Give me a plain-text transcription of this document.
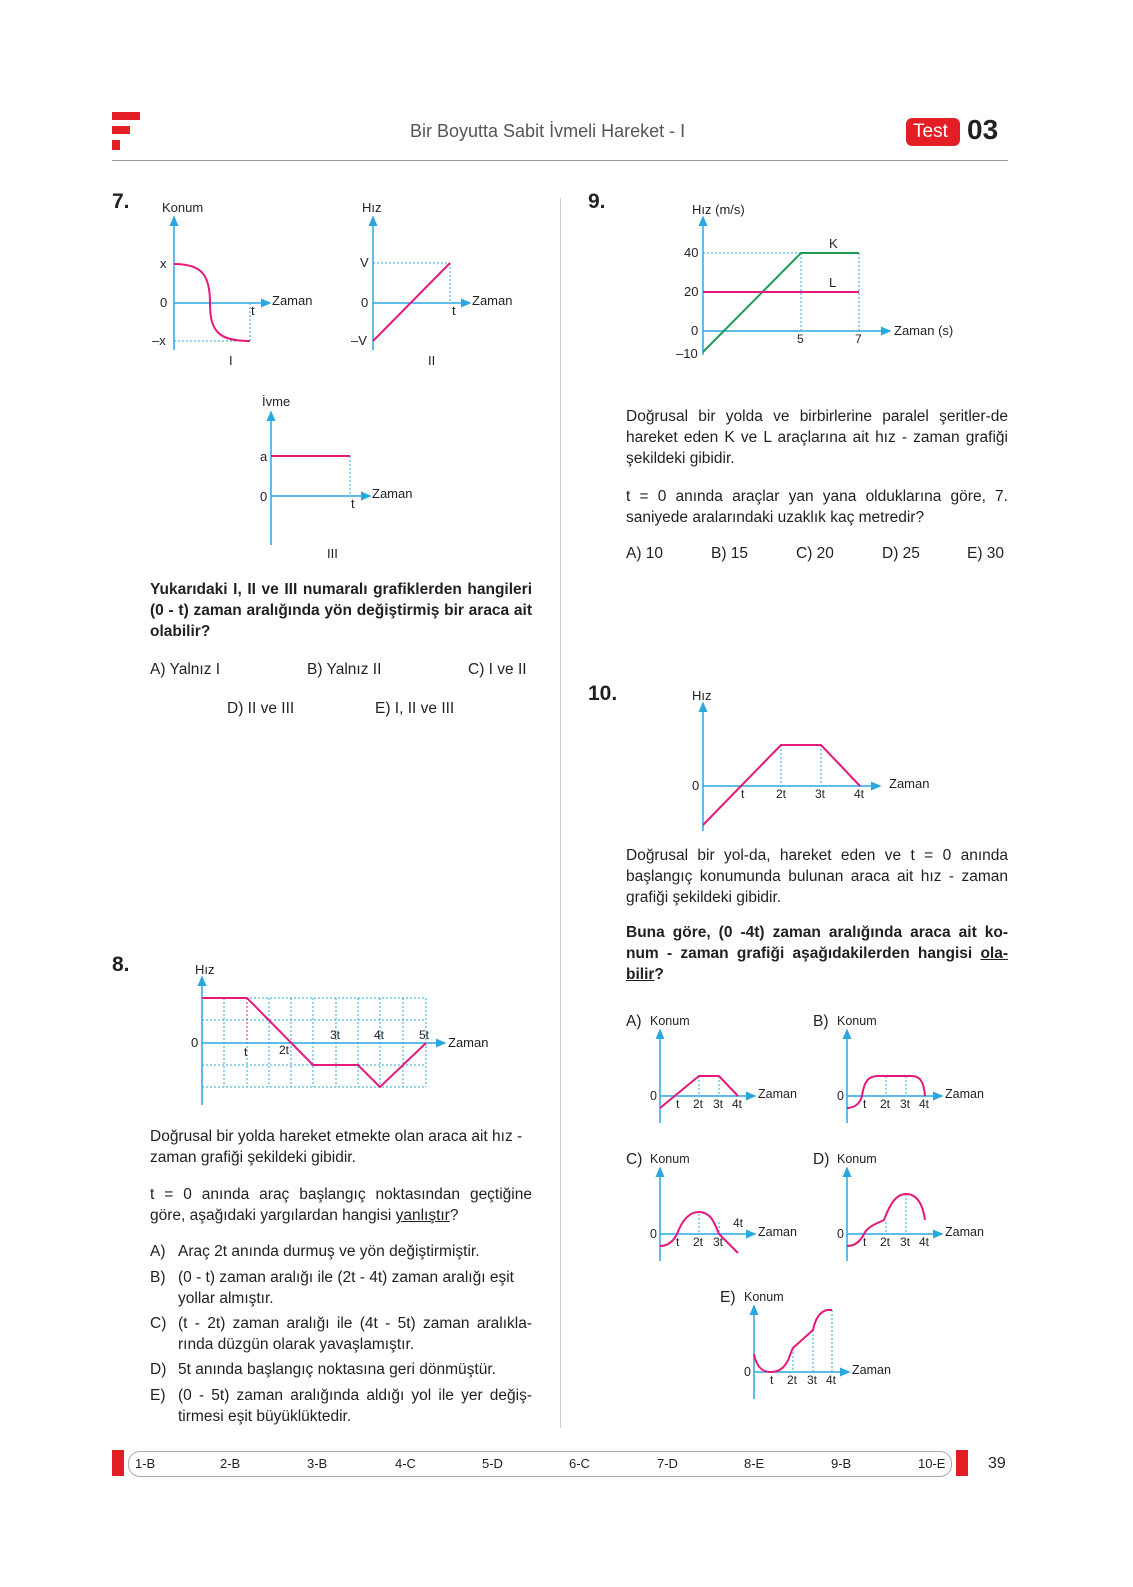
Bir Boyutta Sabit İvmeli Hareket - I	Test 03
7. Konum
x
0
–x
t
Zaman
I
Hız
V
0
–V
t
Zaman
II
İvme
a
0	t
Zaman
III
Yukarıdaki I, II ve III numaralı grafiklerden hangileri (0 - t) zaman aralığında yön değiştirmiş bir araca ait olabilir?
A) Yalnız I	B) Yalnız II	C) I ve II
D) II ve III	E) I, II ve III
8.	Hız
0
t	2t
3t	4t	5t Zaman
Doğrusal bir yolda hareket etmekte olan araca ait hız - zaman grafiği şekildeki gibidir.
t = 0 anında araç başlangıç noktasından geçtiğine göre, aşağıdaki yargılardan hangisi yanlıştır?
A) Araç 2t anında durmuş ve yön değiştirmiştir.
B) (0 - t) zaman aralığı ile (2t - 4t) zaman aralığı eşit yollar almıştır.
C) (t - 2t) zaman aralığı ile (4t - 5t) zaman aralıkla-rında düzgün olarak yavaşlamıştır.
D) 5t anında başlangıç noktasına geri dönmüştür.
E) (0 - 5t) zaman aralığında aldığı yol ile yer değiş-tirmesi eşit büyüklüktedir.
9.	Hız (m/s)
40
20
0
–10
5	7
K
L
Zaman (s)
Doğrusal bir yolda ve birbirlerine paralel şeritler-de hareket eden K ve L araçlarına ait hız - zaman grafiği şekildeki gibidir.
t = 0 anında araçlar yan yana olduklarına göre, 7. saniyede aralarındaki uzaklık kaç metredir?
A) 10	B) 15	C) 20	D) 25	E) 30
10.	Hız
0
t	2t 3t 4t
Zaman
Doğrusal bir yol-da, hareket eden ve t = 0 anında başlangıç konumunda bulunan araca ait hız - zaman grafiği şekildeki gibidir.
Buna göre, (0 -4t) zaman aralığında araca ait ko-num - zaman grafiği aşağıdakilerden hangisi ola-bilir?
A) Konum
0
t 2t 3t 4t
Zaman
B) Konum
0
t 2t 3t 4t
Zaman
C) Konum
0
t 2t 3t
4t
Zaman
D) Konum
0
t 2t 3t 4t
Zaman
E) Konum
0
t 2t 3t 4t
Zaman
1-B	2-B	3-B	4-C	5-D	6-C	7-D	8-E	9-B	10-E	39
